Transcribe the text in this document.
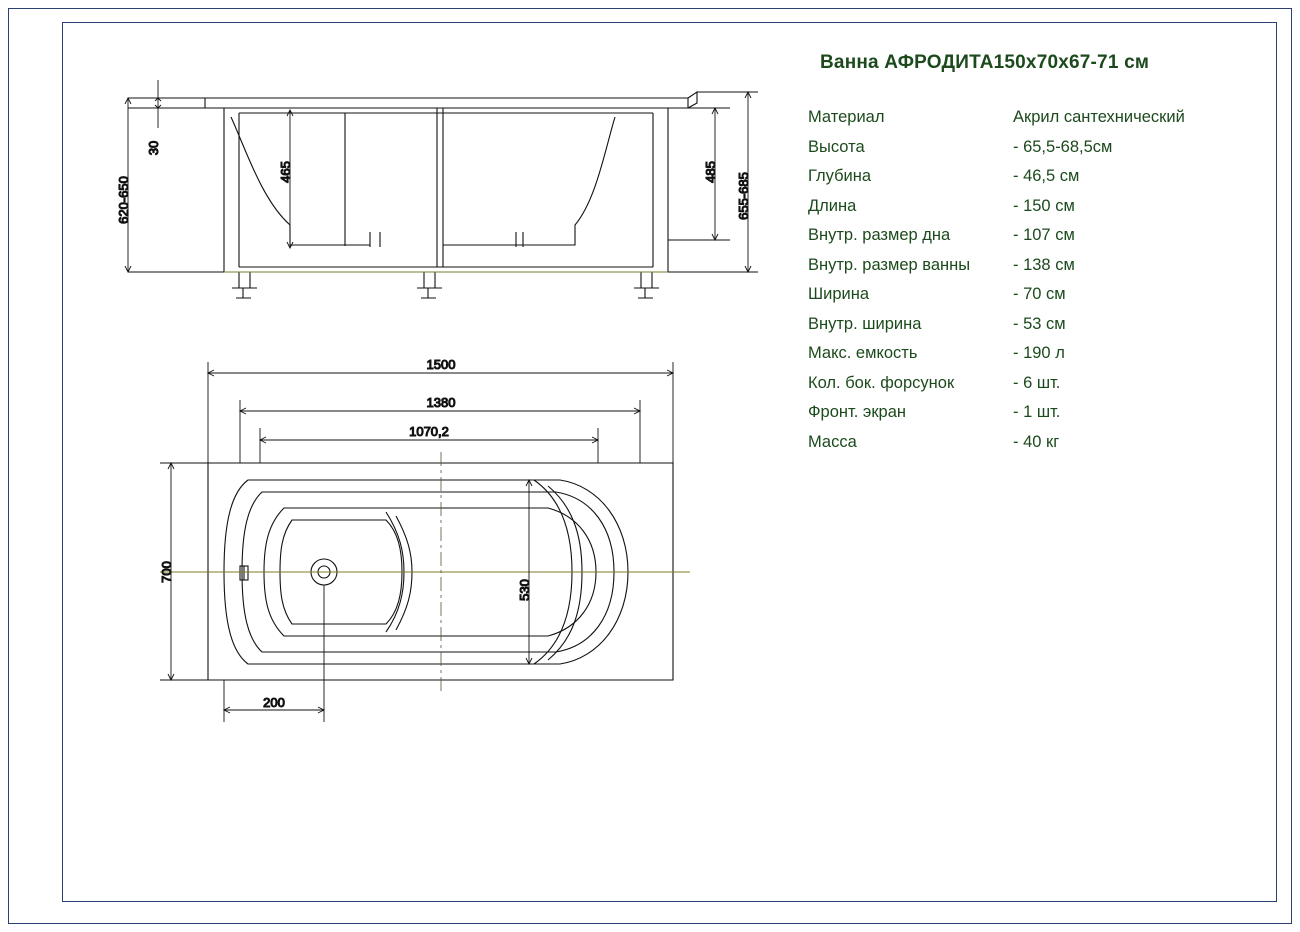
30
620-650
465	485
655-685
1500
1380
1070,2
700
530
200
Ванна АФРОДИТА150х70х67-71 см
Материал	Акрил сантехнический
Высота	- 65,5-68,5см
Глубина	- 46,5 см
Длина	- 150 см
Внутр. размер дна	- 107 см
Внутр. размер ванны	- 138 см
Ширина	- 70 см
Внутр. ширина	- 53 см
Макс. емкость	- 190 л
Кол. бок. форсунок	- 6 шт.
Фронт. экран	- 1 шт.
Масса	- 40 кг
